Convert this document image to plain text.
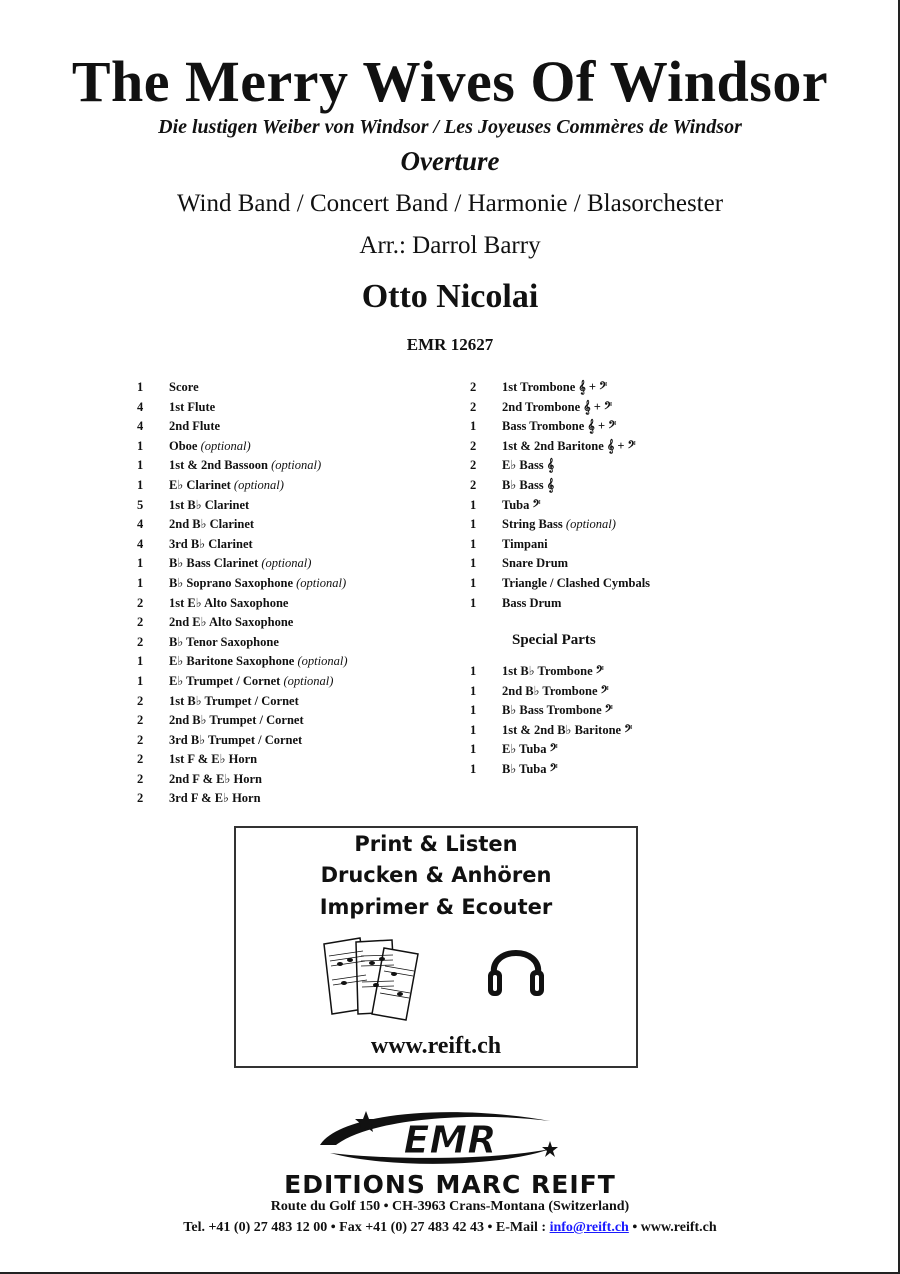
The Merry Wives Of Windsor
Die lustigen Weiber von Windsor / Les Joyeuses Commères de Windsor
Overture
Wind Band / Concert Band / Harmonie / Blasorchester
Arr.: Darrol Barry
Otto Nicolai
EMR 12627
1 Score
4 1st Flute
4 2nd Flute
1 Oboe (optional)
1 1st & 2nd Bassoon (optional)
1 E♭ Clarinet (optional)
5 1st B♭ Clarinet
4 2nd B♭ Clarinet
4 3rd B♭ Clarinet
1 B♭ Bass Clarinet (optional)
1 B♭ Soprano Saxophone (optional)
2 1st E♭ Alto Saxophone
2 2nd E♭ Alto Saxophone
2 B♭ Tenor Saxophone
1 E♭ Baritone Saxophone (optional)
1 E♭ Trumpet / Cornet (optional)
2 1st B♭ Trumpet / Cornet
2 2nd B♭ Trumpet / Cornet
2 3rd B♭ Trumpet / Cornet
2 1st F & E♭ Horn
2 2nd F & E♭ Horn
2 3rd F & E♭ Horn
2 1st Trombone 𝄞 + 𝄢
2 2nd Trombone 𝄞 + 𝄢
1 Bass Trombone 𝄞 + 𝄢
2 1st & 2nd Baritone 𝄞 + 𝄢
2 E♭ Bass 𝄞
2 B♭ Bass 𝄞
1 Tuba 𝄢
1 String Bass (optional)
1 Timpani
1 Snare Drum
1 Triangle / Clashed Cymbals
1 Bass Drum
Special Parts
1 1st B♭ Trombone 𝄢
1 2nd B♭ Trombone 𝄢
1 B♭ Bass Trombone 𝄢
1 1st & 2nd B♭ Baritone 𝄢
1 E♭ Tuba 𝄢
1 B♭ Tuba 𝄢
Print & Listen
Drucken & Anhören
Imprimer & Ecouter
www.reift.ch
EMR
EDITIONS MARC REIFT
Route du Golf 150 • CH-3963 Crans-Montana (Switzerland)
Tel. +41 (0) 27 483 12 00 • Fax +41 (0) 27 483 42 43 • E-Mail : info@reift.ch • www.reift.ch
